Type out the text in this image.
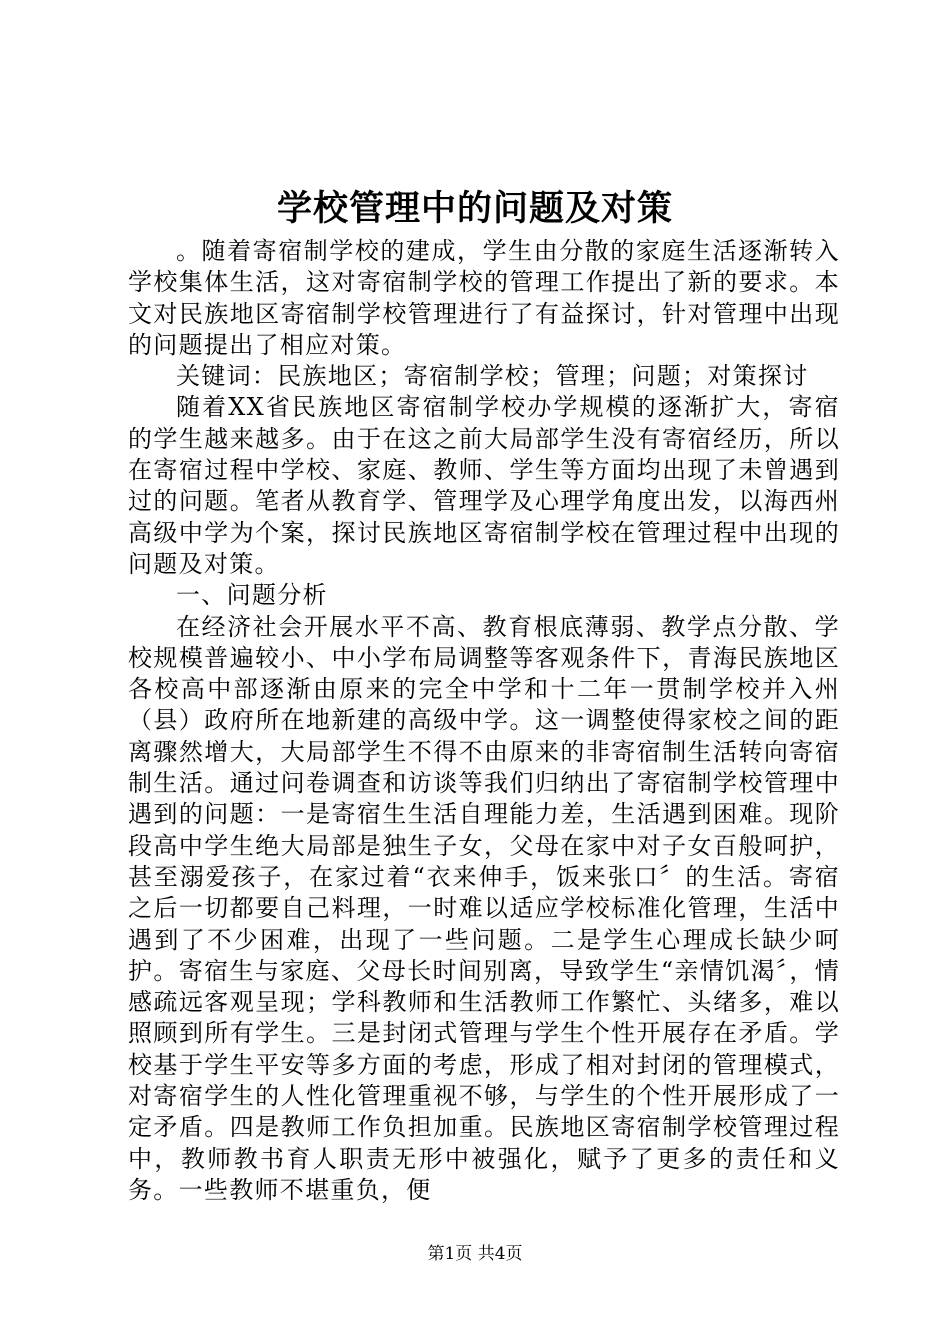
学校管理中的问题及对策

。随着寄宿制学校的建成，学生由分散的家庭生活逐渐转入学校集体生活，这对寄宿制学校的管理工作提出了新的要求。本文对民族地区寄宿制学校管理进行了有益探讨，针对管理中出现的问题提出了相应对策。

关键词：民族地区；寄宿制学校；管理；问题；对策探讨

随着XX省民族地区寄宿制学校办学规模的逐渐扩大，寄宿的学生越来越多。由于在这之前大局部学生没有寄宿经历，所以在寄宿过程中学校、家庭、教师、学生等方面均出现了未曾遇到过的问题。笔者从教育学、管理学及心理学角度出发，以海西州高级中学为个案，探讨民族地区寄宿制学校在管理过程中出现的问题及对策。

一、问题分析

在经济社会开展水平不高、教育根底薄弱、教学点分散、学校规模普遍较小、中小学布局调整等客观条件下，青海民族地区各校高中部逐渐由原来的完全中学和十二年一贯制学校并入州（县）政府所在地新建的高级中学。这一调整使得家校之间的距离骤然增大，大局部学生不得不由原来的非寄宿制生活转向寄宿制生活。通过问卷调查和访谈等我们归纳出了寄宿制学校管理中遇到的问题：一是寄宿生生活自理能力差，生活遇到困难。现阶段高中学生绝大局部是独生子女，父母在家中对子女百般呵护，甚至溺爱孩子，在家过着“衣来伸手，饭来张口〞的生活。寄宿之后一切都要自己料理，一时难以适应学校标准化管理，生活中遇到了不少困难，出现了一些问题。二是学生心理成长缺少呵护。寄宿生与家庭、父母长时间别离，导致学生“亲情饥渴〞，情感疏远客观呈现；学科教师和生活教师工作繁忙、头绪多，难以照顾到所有学生。三是封闭式管理与学生个性开展存在矛盾。学校基于学生平安等多方面的考虑，形成了相对封闭的管理模式，对寄宿学生的人性化管理重视不够，与学生的个性开展形成了一定矛盾。四是教师工作负担加重。民族地区寄宿制学校管理过程中，教师教书育人职责无形中被强化，赋予了更多的责任和义务。一些教师不堪重负，便

第1页 共4页
